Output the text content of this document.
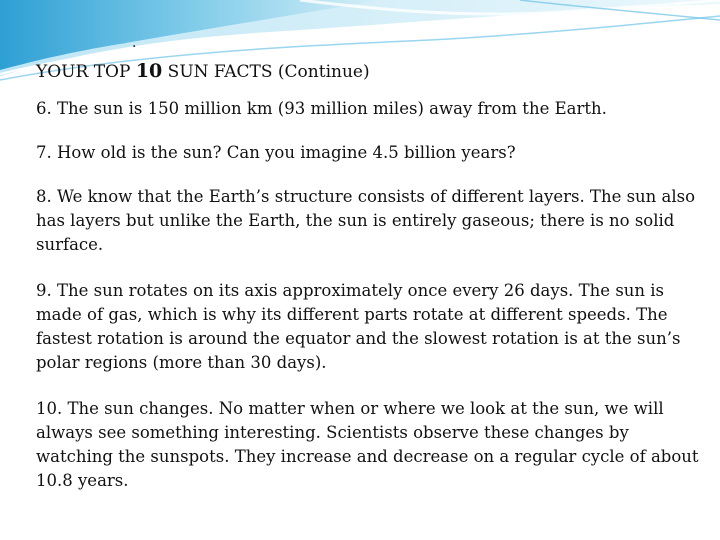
.
YOUR TOP 10 SUN FACTS (Continue)

6. The sun is 150 million km (93 million miles) away from the Earth.

7. How old is the sun? Can you imagine 4.5 billion years?

8. We know that the Earth’s structure consists of different layers. The sun also has layers but unlike the Earth, the sun is entirely gaseous; there is no solid surface.

9. The sun rotates on its axis approximately once every 26 days. The sun is made of gas, which is why its different parts rotate at different speeds. The fastest rotation is around the equator and the slowest rotation is at the sun’s polar regions (more than 30 days).

10. The sun changes. No matter when or where we look at the sun, we will always see something interesting. Scientists observe these changes by watching the sunspots. They increase and decrease on a regular cycle of about 10.8 years.
